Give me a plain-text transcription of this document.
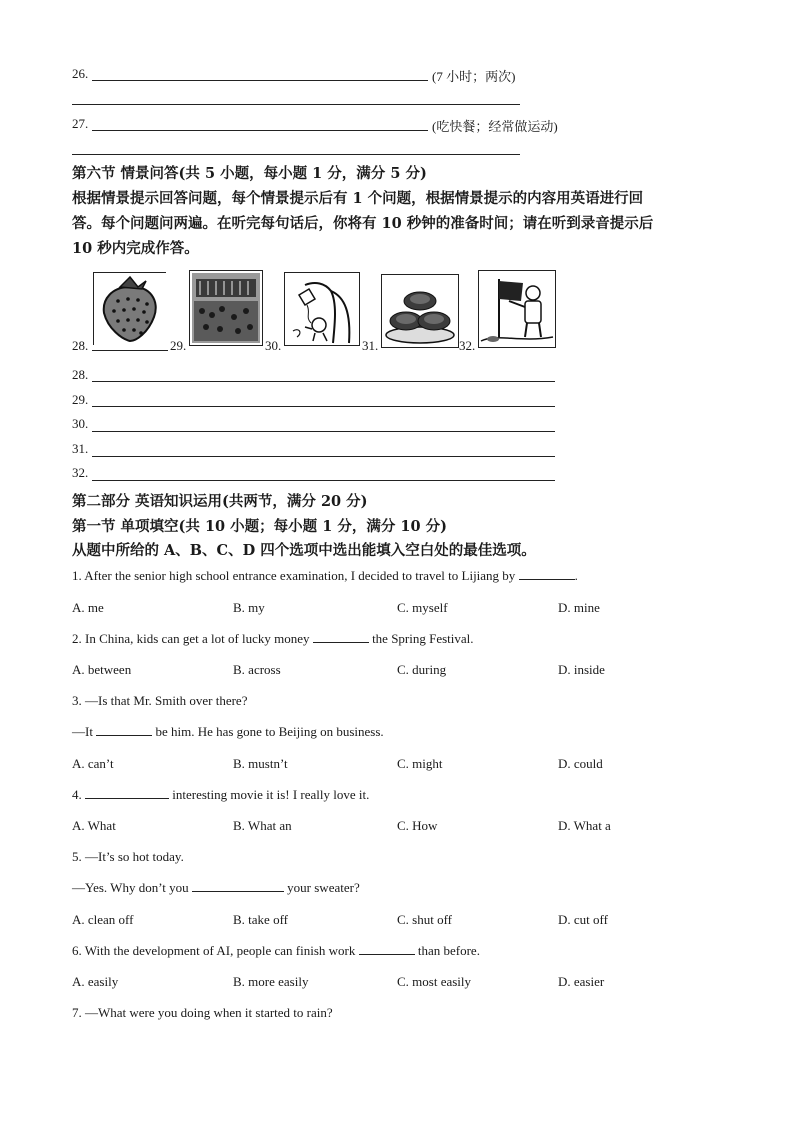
26.	(7 小时；两次)
27.	(吃快餐；经常做运动)
第六节 情景问答(共 5 小题，每小题 1 分，满分 5 分)
根据情景提示回答问题，每个情景提示后有 1 个问题，根据情景提示的内容用英语进行回
答。每个问题问两遍。在听完每句话后，你将有 10 秒钟的准备时间；请在听到录音提示后
10 秒内完成作答。
28.	29.	30.	31.	32.
28.
29.
30.
31.
32.
第二部分 英语知识运用(共两节，满分 20 分)
第一节 单项填空(共 10 小题；每小题 1 分，满分 10 分)
从题中所给的 A、B、C、D 四个选项中选出能填入空白处的最佳选项。
1. After the senior high school entrance examination, I decided to travel to Lijiang by	.
A. me	B. my	C. myself	D. mine
2. In China, kids can get a lot of lucky money	the Spring Festival.
A. between	B. across	C. during	D. inside
3. —Is that Mr. Smith over there?
—It	be him. He has gone to Beijing on business.
A. can’t	B. mustn’t	C. might	D. could
4.	interesting movie it is! I really love it.
A. What	B. What an	C. How	D. What a
5. —It’s so hot today.
—Yes. Why don’t you	your sweater?
A. clean off	B. take off	C. shut off	D. cut off
6. With the development of AI, people can finish work	than before.
A. easily	B. more easily	C. most easily	D. easier
7. —What were you doing when it started to rain?
